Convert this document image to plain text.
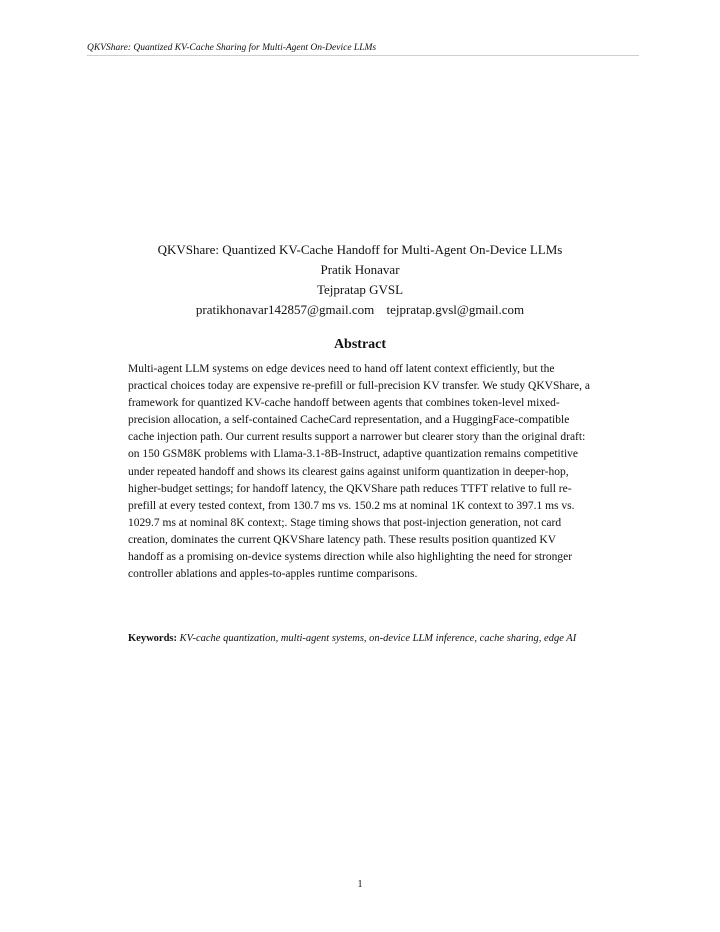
QKVShare: Quantized KV-Cache Sharing for Multi-Agent On-Device LLMs

QKVShare: Quantized KV-Cache Handoff for Multi-Agent On-Device LLMs

Pratik Honavar

Tejpratap GVSL

pratikhonavar142857@gmail.com tejpratap.gvsl@gmail.com

Abstract

Multi-agent LLM systems on edge devices need to hand off latent context efficiently, but the practical choices today are expensive re-prefill or full-precision KV transfer. We study QKVShare, a framework for quantized KV-cache handoff between agents that combines token-level mixed-precision allocation, a self-contained CacheCard representation, and a HuggingFace-compatible cache injection path. Our current results support a narrower but clearer story than the original draft: on 150 GSM8K problems with Llama-3.1-8B-Instruct, adaptive quantization remains competitive under repeated handoff and shows its clearest gains against uniform quantization in deeper-hop, higher-budget settings; for handoff latency, the QKVShare path reduces TTFT relative to full re-prefill at every tested context, from 130.7 ms vs. 150.2 ms at nominal 1K context to 397.1 ms vs. 1029.7 ms at nominal 8K context;. Stage timing shows that post-injection generation, not card creation, dominates the current QKVShare latency path. These results position quantized KV handoff as a promising on-device systems direction while also highlighting the need for stronger controller ablations and apples-to-apples runtime comparisons.

Keywords: KV-cache quantization, multi-agent systems, on-device LLM inference, cache sharing, edge AI

1
